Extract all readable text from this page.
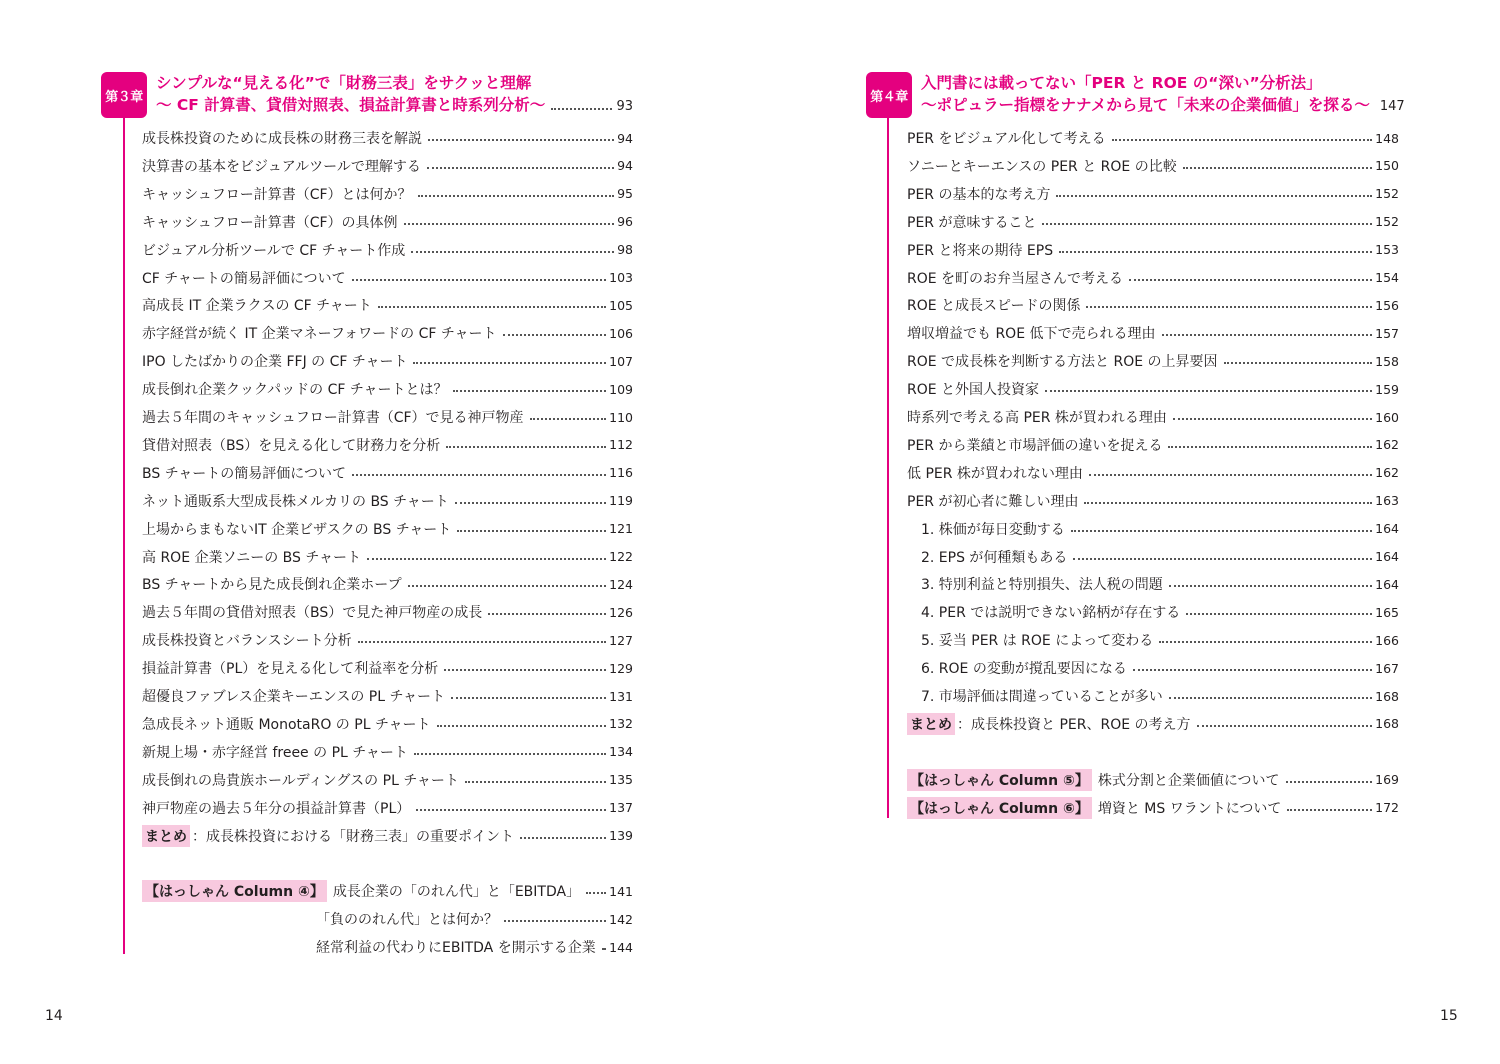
第３章
シンプルな“見える化”で「財務三表」をサクッと理解
～ CF 計算書、貸借対照表、損益計算書と時系列分析～	93
成長株投資のために成長株の財務三表を解説	94
決算書の基本をビジュアルツールで理解する	94
キャッシュフロー計算書（CF）とは何か？	95
キャッシュフロー計算書（CF）の具体例	96
ビジュアル分析ツールで CF チャート作成	98
CF チャートの簡易評価について	103
高成長 IT 企業ラクスの CF チャート	105
赤字経営が続く IT 企業マネーフォワードの CF チャート	106
IPO したばかりの企業 FFJ の CF チャート	107
成長倒れ企業クックパッドの CF チャートとは？	109
過去５年間のキャッシュフロー計算書（CF）で見る神戸物産	110
貸借対照表（BS）を見える化して財務力を分析	112
BS チャートの簡易評価について	116
ネット通販系大型成長株メルカリの BS チャート	119
上場からまもないIT 企業ビザスクの BS チャート	121
高 ROE 企業ソニーの BS チャート	122
BS チャートから見た成長倒れ企業ホープ	124
過去５年間の貸借対照表（BS）で見た神戸物産の成長	126
成長株投資とバランスシート分析	127
損益計算書（PL）を見える化して利益率を分析	129
超優良ファブレス企業キーエンスの PL チャート	131
急成長ネット通販 MonotaRO の PL チャート	132
新規上場・赤字経営 freee の PL チャート	134
成長倒れの鳥貴族ホールディングスの PL チャート	135
神戸物産の過去５年分の損益計算書（PL）	137
まとめ ：成長株投資における「財務三表」の重要ポイント	139
【はっしゃん Column ④】 成長企業の「のれん代」と「EBITDA」 141
「負ののれん代」とは何か？	142
経常利益の代わりにEBITDA を開示する企業 144
14
第４章
入門書には載ってない「PER と ROE の“深い”分析法」
～ポピュラー指標をナナメから見て「未来の企業価値」を探る～ 147
PER をビジュアル化して考える	148
ソニーとキーエンスの PER と ROE の比較	150
PER の基本的な考え方	152
PER が意味すること	152
PER と将来の期待 EPS	153
ROE を町のお弁当屋さんで考える	154
ROE と成長スピードの関係	156
増収増益でも ROE 低下で売られる理由	157
ROE で成長株を判断する方法と ROE の上昇要因	158
ROE と外国人投資家	159
時系列で考える高 PER 株が買われる理由	160
PER から業績と市場評価の違いを捉える	162
低 PER 株が買われない理由	162
PER が初心者に難しい理由	163
1. 株価が毎日変動する	164
2. EPS が何種類もある	164
3. 特別利益と特別損失、法人税の問題	164
4. PER では説明できない銘柄が存在する	165
5. 妥当 PER は ROE によって変わる	166
6. ROE の変動が撹乱要因になる	167
7. 市場評価は間違っていることが多い	168
まとめ ：成長株投資と PER、ROE の考え方	168
【はっしゃん Column ⑤】 株式分割と企業価値について	169
【はっしゃん Column ⑥】 増資と MS ワラントについて	172
15
